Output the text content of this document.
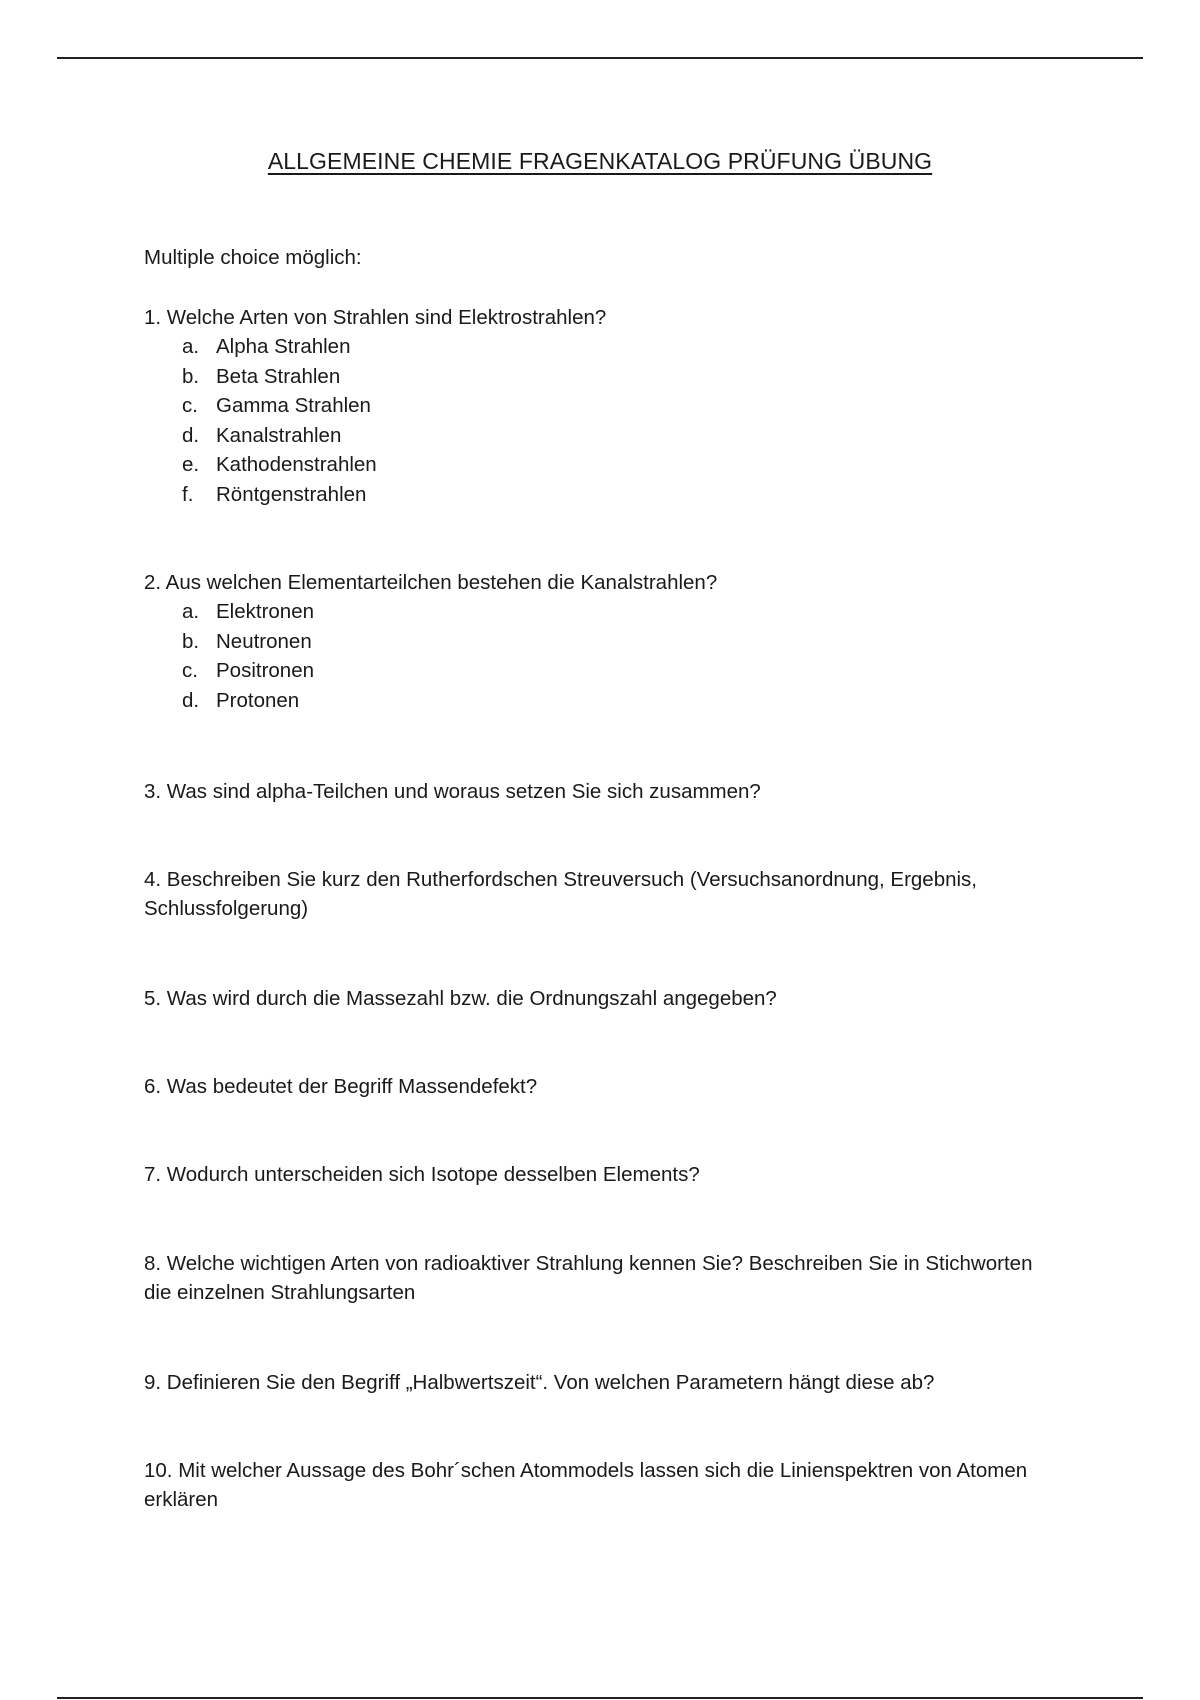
ALLGEMEINE CHEMIE FRAGENKATALOG PRÜFUNG ÜBUNG
Multiple choice möglich:
1. Welche Arten von Strahlen sind Elektrostrahlen?
a. Alpha Strahlen
b. Beta Strahlen
c. Gamma Strahlen
d. Kanalstrahlen
e. Kathodenstrahlen
f. Röntgenstrahlen
2. Aus welchen Elementarteilchen bestehen die Kanalstrahlen?
a. Elektronen
b. Neutronen
c. Positronen
d. Protonen
3. Was sind alpha-Teilchen und woraus setzen Sie sich zusammen?
4. Beschreiben Sie kurz den Rutherfordschen Streuversuch (Versuchsanordnung, Ergebnis, Schlussfolgerung)
5. Was wird durch die Massezahl bzw. die Ordnungszahl angegeben?
6. Was bedeutet der Begriff Massendefekt?
7. Wodurch unterscheiden sich Isotope desselben Elements?
8. Welche wichtigen Arten von radioaktiver Strahlung kennen Sie? Beschreiben Sie in Stichworten die einzelnen Strahlungsarten
9. Definieren Sie den Begriff „Halbwertszeit“. Von welchen Parametern hängt diese ab?
10. Mit welcher Aussage des Bohr´schen Atommodels lassen sich die Linienspektren von Atomen erklären
